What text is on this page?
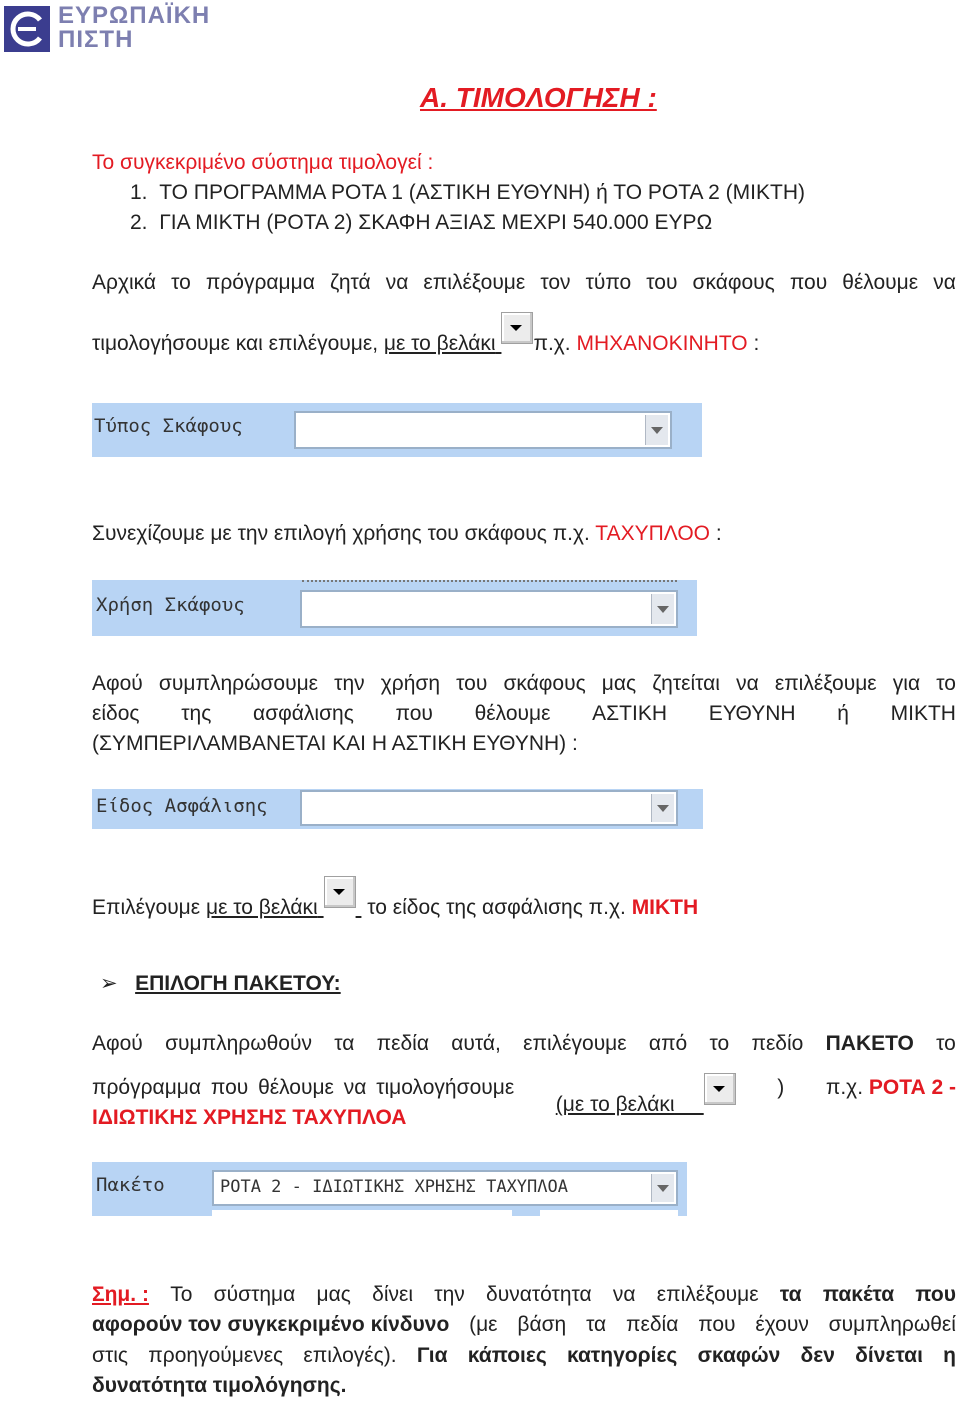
ΕΥΡΩΠΑΪΚΗ
ΠΙΣΤΗ
Α. ΤΙΜΟΛΟΓΗΣΗ :
Το συγκεκριμένο σύστημα τιμολογεί :
1. ΤΟ ΠΡΟΓΡΑΜΜΑ ΡΟΤΑ 1 (ΑΣΤΙΚΗ ΕΥΘΥΝΗ) ή ΤΟ ΡΟΤΑ 2 (ΜΙΚΤΗ)
2. ΓΙΑ ΜΙΚΤΗ (ΡΟΤΑ 2) ΣΚΑΦΗ ΑΞΙΑΣ ΜΕΧΡΙ 540.000 ΕΥΡΩ
Αρχικά το πρόγραμμα ζητά να επιλέξουμε τον τύπο του σκάφους που θέλουμε να
τιμολογήσουμε και επιλέγουμε, με το βελάκι π.χ. ΜΗΧΑΝΟΚΙΝΗΤΟ :
Τύπος Σκάφους
Συνεχίζουμε με την επιλογή χρήσης του σκάφους π.χ. ΤΑΧΥΠΛΟΟ :
Χρήση Σκάφους
Αφού συμπληρώσουμε την χρήση του σκάφους μας ζητείται να επιλέξουμε για το
είδος της ασφάλισης που θέλουμε ΑΣΤΙΚΗ ΕΥΘΥΝΗ ή ΜΙΚΤΗ
(ΣΥΜΠΕΡΙΛΑΜΒΑΝΕΤΑΙ ΚΑΙ Η ΑΣΤΙΚΗ ΕΥΘΥΝΗ) :
Είδος Ασφάλισης
Επιλέγουμε με το βελάκι   το είδος της ασφάλισης π.χ. ΜΙΚΤΗ
➢ ΕΠΙΛΟΓΗ ΠΑΚΕΤΟΥ:
Αφού συμπληρωθούν τα πεδία αυτά, επιλέγουμε από το πεδίο ΠΑΚΕΤΟ το
πρόγραμμα που θέλουμε να τιμολογήσουμε
(με το βελάκι
) π.χ. ΡΟΤΑ 2 -
ΙΔΙΩΤΙΚΗΣ ΧΡΗΣΗΣ ΤΑΧΥΠΛΟΑ
Πακέτο	ΡΟΤΑ 2 - ΙΔΙΩΤΙΚΗΣ ΧΡΗΣΗΣ ΤΑΧΥΠΛΟΑ
Σημ. : Το σύστημα μας δίνει την δυνατότητα να επιλέξουμε τα πακέτα που
αφορούν τον συγκεκριμένο κίνδυνο (με βάση τα πεδία που έχουν συμπληρωθεί
στις προηγούμενες επιλογές). Για κάποιες κατηγορίες σκαφών δεν δίνεται η
δυνατότητα τιμολόγησης.
